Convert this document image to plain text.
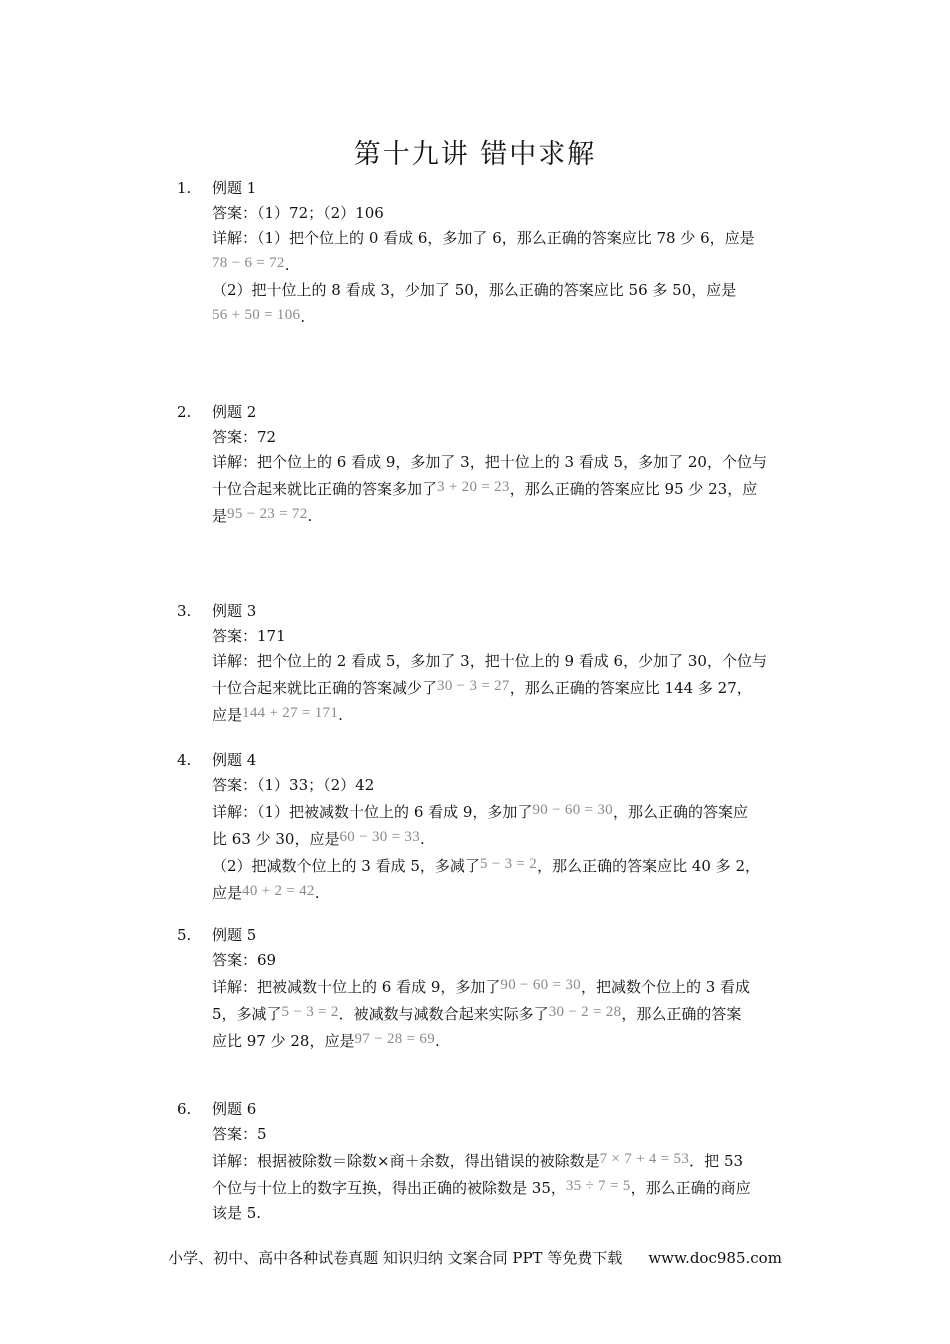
第十九讲 错中求解
1. 例题 1
答案：（1）72；（2）106
详解：（1）把个位上的 0 看成 6，多加了 6，那么正确的答案应比 78 少 6，应是
78 − 6 = 72.
（2）把十位上的 8 看成 3，少加了 50，那么正确的答案应比 56 多 50，应是
56 + 50 = 106.
2. 例题 2
答案：72
详解：把个位上的 6 看成 9，多加了 3，把十位上的 3 看成 5，多加了 20，个位与
十位合起来就比正确的答案多加了3 + 20 = 23，那么正确的答案应比 95 少 23，应
是95 − 23 = 72.
3. 例题 3
答案：171
详解：把个位上的 2 看成 5，多加了 3，把十位上的 9 看成 6，少加了 30，个位与
十位合起来就比正确的答案减少了30 − 3 = 27，那么正确的答案应比 144 多 27，
应是144 + 27 = 171.
4. 例题 4
答案：（1）33；（2）42
详解：（1）把被减数十位上的 6 看成 9，多加了90 − 60 = 30，那么正确的答案应
比 63 少 30，应是60 − 30 = 33.
（2）把减数个位上的 3 看成 5，多减了5 − 3 = 2，那么正确的答案应比 40 多 2，
应是40 + 2 = 42.
5. 例题 5
答案：69
详解：把被减数十位上的 6 看成 9，多加了90 − 60 = 30，把减数个位上的 3 看成
5，多减了5 − 3 = 2．被减数与减数合起来实际多了30 − 2 = 28，那么正确的答案
应比 97 少 28，应是97 − 28 = 69.
6. 例题 6
答案：5
详解：根据被除数＝除数×商＋余数，得出错误的被除数是7 × 7 + 4 = 53．把 53
个位与十位上的数字互换，得出正确的被除数是 35，35 ÷ 7 = 5，那么正确的商应
该是 5.
小学、初中、高中各种试卷真题 知识归纳 文案合同 PPT 等免费下载 www.doc985.com
